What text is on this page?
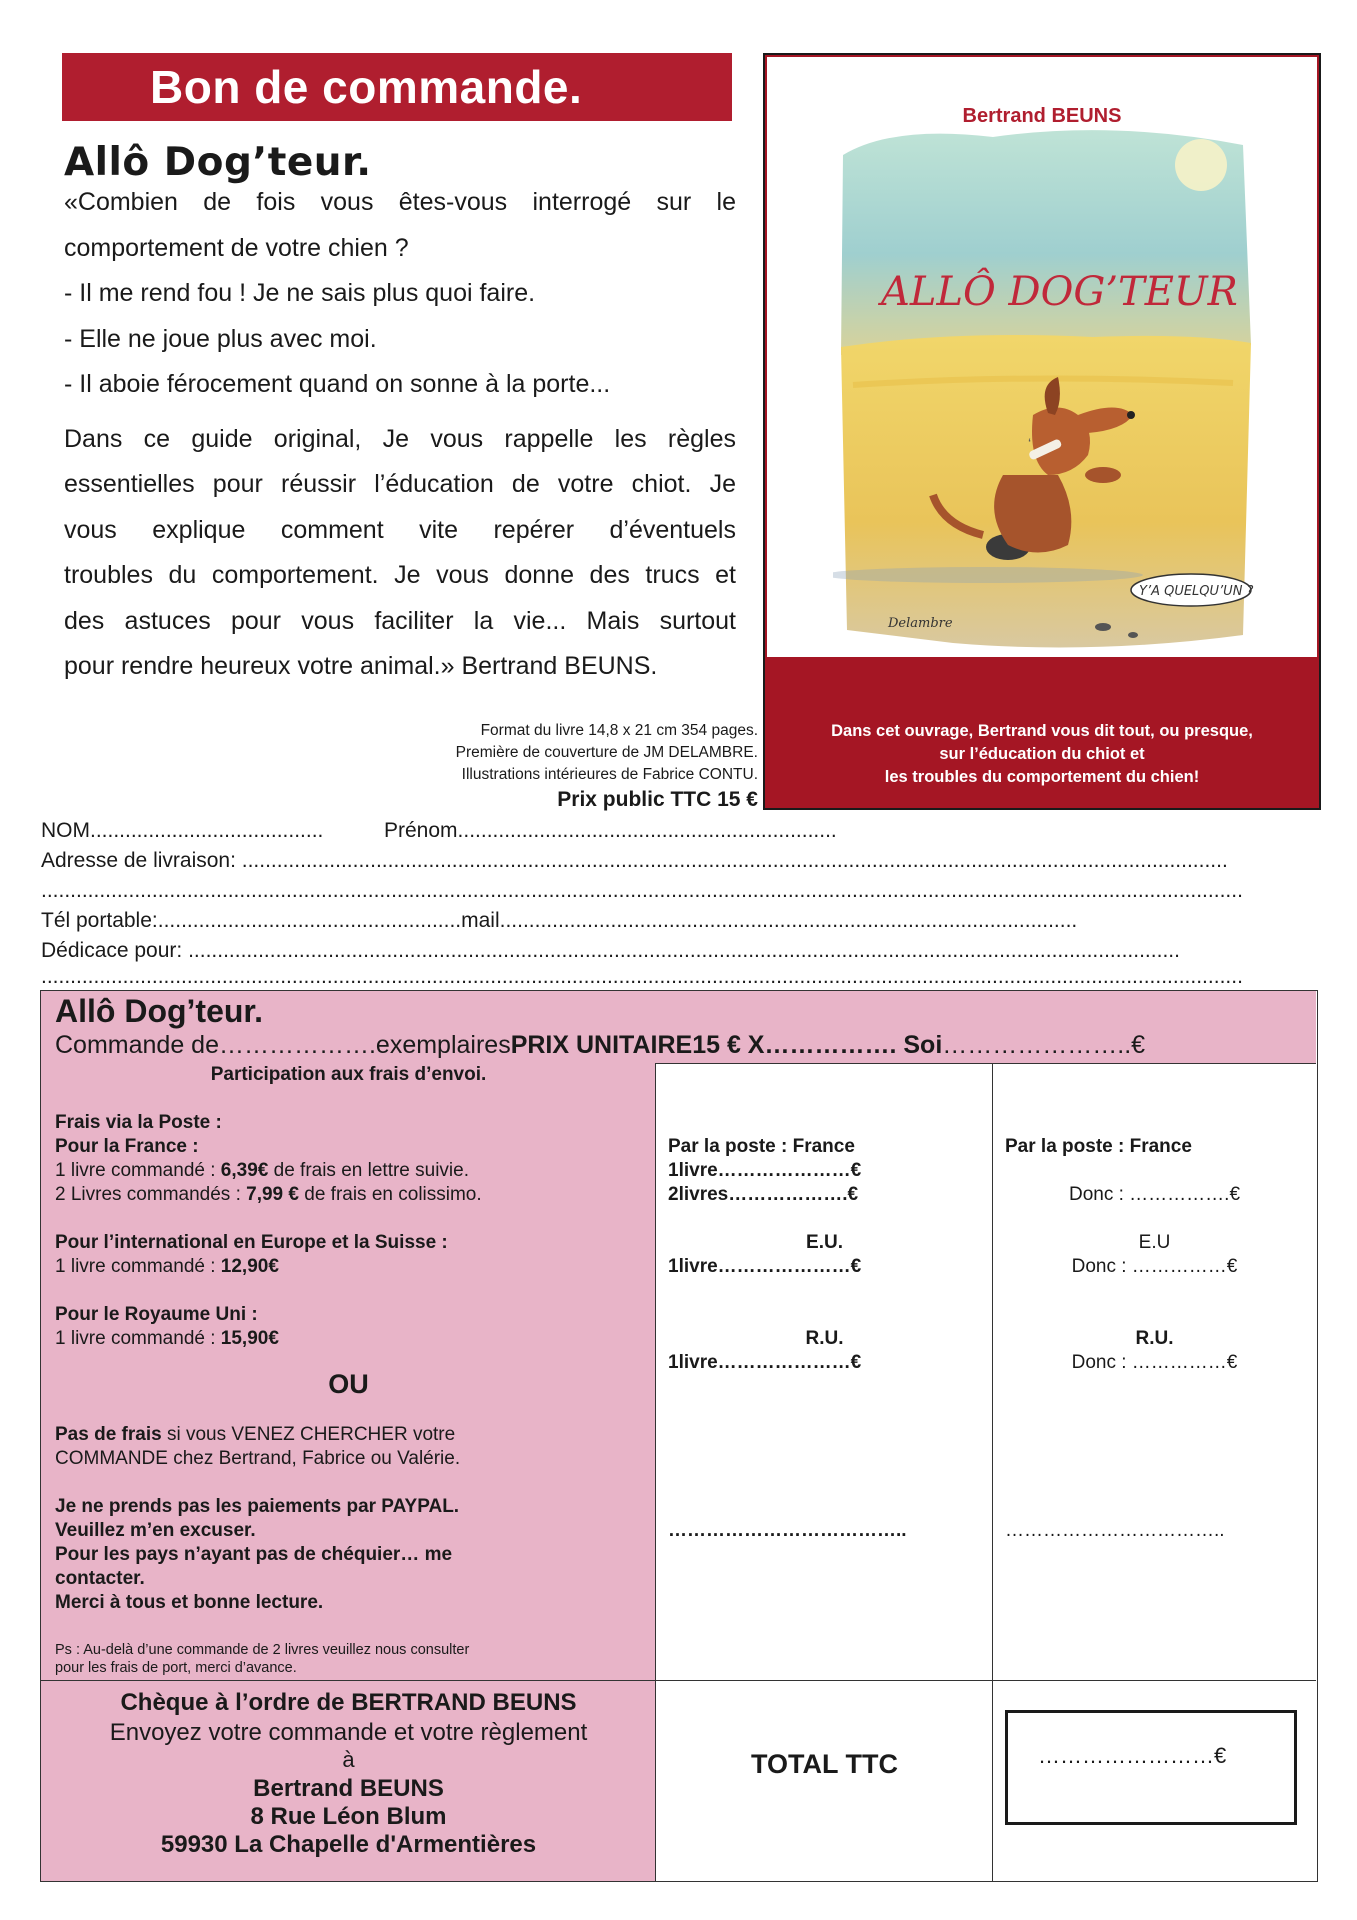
Bon de commande.
Allô Dog’teur.

«Combien de fois vous êtes-vous interrogé sur le

comportement de votre chien ?

- Il me rend fou ! Je ne sais plus quoi faire.

- Elle ne joue plus avec moi.

- Il aboie férocement quand on sonne à la porte...

Dans ce guide original, Je vous rappelle les règles

essentielles pour réussir l’éducation de votre chiot. Je

vous explique comment vite repérer d’éventuels

troubles du comportement. Je vous donne des trucs et

des astuces pour vous faciliter la vie... Mais surtout

pour rendre heureux votre animal.» Bertrand BEUNS.

Format du livre 14,8 x 21 cm 354 pages.
Première de couverture de JM DELAMBRE.
Illustrations intérieures de Fabrice CONTU.
Prix public TTC 15 €
Bertrand BEUNS
ALLÔ DOG’TEUR
‘
Y’A QUELQU’UN ?
Delambre
Dans cet ouvrage, Bertrand vous dit tout, ou presque,
sur l’éducation du chiot et
les troubles du comportement du chien!
NOM........................................	Prénom.................................................................
Adresse de livraison: .........................................................................................................................................................................
..............................................................................................................................................................................................................
Tél portable:....................................................mail...................................................................................................
Dédicace pour: ..........................................................................................................................................................................
..............................................................................................................................................................................................................
Allô Dog’teur.
Commande de……………….exemplairesPRIX UNITAIRE15 € X……………. Soi…………………..€
Participation aux frais d’envoi.
Frais via la Poste :
Pour la France :
1 livre commandé : 6,39€ de frais en lettre suivie.
2 Livres commandés : 7,99 € de frais en colissimo.
Pour l’international en Europe et la Suisse :
1 livre commandé : 12,90€
Pour le Royaume Uni :
1 livre commandé : 15,90€
OU
Pas de frais si vous VENEZ CHERCHER votre
COMMANDE chez Bertrand, Fabrice ou Valérie.
Je ne prends pas les paiements par PAYPAL.
Veuillez m’en excuser.
Pour les pays n’ayant pas de chéquier… me
contacter.
Merci à tous et bonne lecture.
Ps : Au-delà d’une commande de 2 livres veuillez nous consulter
pour les frais de port, merci d’avance.
Par la poste : France
1livre…………………€
2livres……………….€
E.U.
1livre…………………€
R.U.
1livre…………………€
………………………………..
Par la poste : France
Donc : …………….€
E.U
Donc : ……………€
R.U.
Donc : ……………€
……………………………..
Chèque à l’ordre de BERTRAND BEUNS
Envoyez votre commande et votre règlement
à
Bertrand BEUNS
8 Rue Léon Blum
59930 La Chapelle d'Armentières
TOTAL TTC	……………………€
